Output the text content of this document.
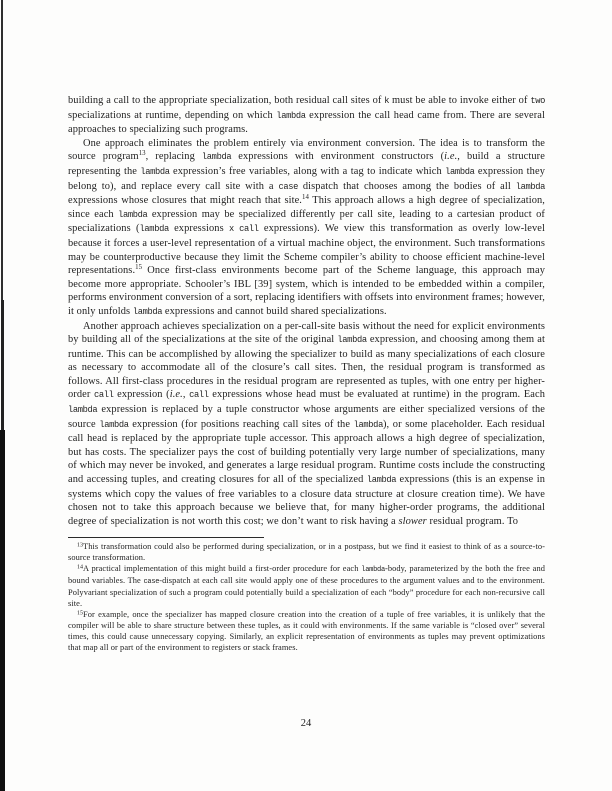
building a call to the appropriate specialization, both residual call sites of k must be able to invoke either of two specializations at runtime, depending on which lambda expression the call head came from. There are several approaches to specializing such programs.

One approach eliminates the problem entirely via environment conversion. The idea is to transform the source program$^{13}$, replacing lambda expressions with environment constructors (i.e., build a structure representing the lambda expression’s free variables, along with a tag to indicate which lambda expression they belong to), and replace every call site with a case dispatch that chooses among the bodies of all lambda expressions whose closures that might reach that site.$^{14}$ This approach allows a high degree of specialization, since each lambda expression may be specialized differently per call site, leading to a cartesian product of specializations (lambda expressions x call expressions). We view this transformation as overly low-level because it forces a user-level representation of a virtual machine object, the environment. Such transformations may be counterproductive because they limit the Scheme compiler’s ability to choose efficient machine-level representations.$^{15}$ Once first-class environments become part of the Scheme language, this approach may become more appropriate. Schooler’s IBL [39] system, which is intended to be embedded within a compiler, performs environment conversion of a sort, replacing identifiers with offsets into environment frames; however, it only unfolds lambda expressions and cannot build shared specializations.

Another approach achieves specialization on a per-call-site basis without the need for explicit environments by building all of the specializations at the site of the original lambda expression, and choosing among them at runtime. This can be accomplished by allowing the specializer to build as many specializations of each closure as necessary to accommodate all of the closure’s call sites. Then, the residual program is transformed as follows. All first-class procedures in the residual program are represented as tuples, with one entry per higher-order call expression (i.e., call expressions whose head must be evaluated at runtime) in the program. Each lambda expression is replaced by a tuple constructor whose arguments are either specialized versions of the source lambda expression (for positions reaching call sites of the lambda), or some placeholder. Each residual call head is replaced by the appropriate tuple accessor. This approach allows a high degree of specialization, but has costs. The specializer pays the cost of building potentially very large number of specializations, many of which may never be invoked, and generates a large residual program. Runtime costs include the constructing and accessing tuples, and creating closures for all of the specialized lambda expressions (this is an expense in systems which copy the values of free variables to a closure data structure at closure creation time). We have chosen not to take this approach because we believe that, for many higher-order programs, the additional degree of specialization is not worth this cost; we don’t want to risk having a slower residual program. To

$^{13}$This transformation could also be performed during specialization, or in a postpass, but we find it easiest to think of as a source-to-source transformation.

$^{14}$A practical implementation of this might build a first-order procedure for each lambda-body, parameterized by the both the free and bound variables. The case-dispatch at each call site would apply one of these procedures to the argument values and to the environment. Polyvariant specialization of such a program could potentially build a specialization of each “body” procedure for each non-recursive call site.

$^{15}$For example, once the specializer has mapped closure creation into the creation of a tuple of free variables, it is unlikely that the compiler will be able to share structure between these tuples, as it could with environments. If the same variable is “closed over” several times, this could cause unnecessary copying. Similarly, an explicit representation of environments as tuples may prevent optimizations that map all or part of the environment to registers or stack frames.

24
